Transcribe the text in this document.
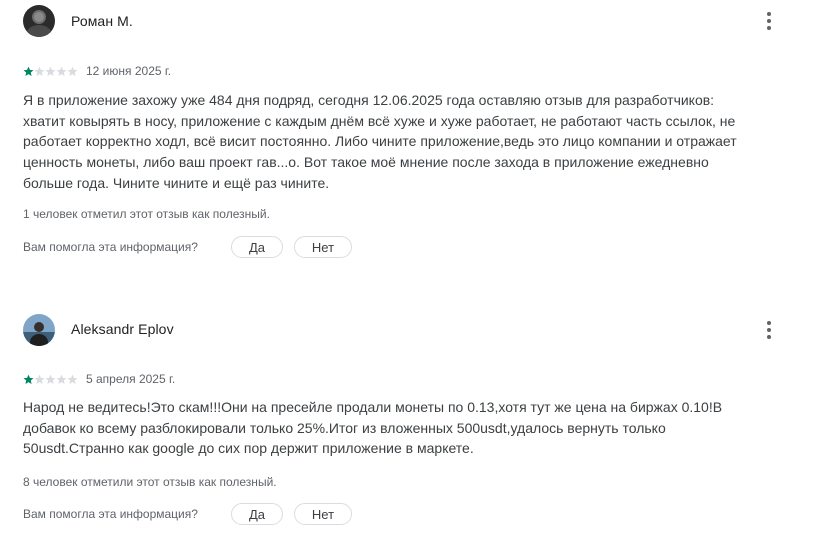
Роман М.
12 июня 2025 г.
Я в приложение захожу уже 484 дня подряд, сегодня 12.06.2025 года оставляю отзыв для разработчиков:
хватит ковырять в носу, приложение с каждым днём всё хуже и хуже работает, не работают часть ссылок, не
работает корректно ходл, всё висит постоянно. Либо чините приложение,ведь это лицо компании и отражает
ценность монеты, либо ваш проект гав...о. Вот такое моё мнение после захода в приложение ежедневно
больше года. Чините чините и ещё раз чините.
1 человек отметил этот отзыв как полезный.
Вам помогла эта информация?	Да	Нет
Aleksandr Eplov
5 апреля 2025 г.
Народ не ведитесь!Это скам!!!Они на пресейле продали монеты по 0.13,хотя тут же цена на биржах 0.10!В
добавок ко всему разблокировали только 25%.Итог из вложенных 500usdt,удалось вернуть только
50usdt.Странно как google до сих пор держит приложение в маркете.
8 человек отметили этот отзыв как полезный.
Вам помогла эта информация?	Да	Нет
